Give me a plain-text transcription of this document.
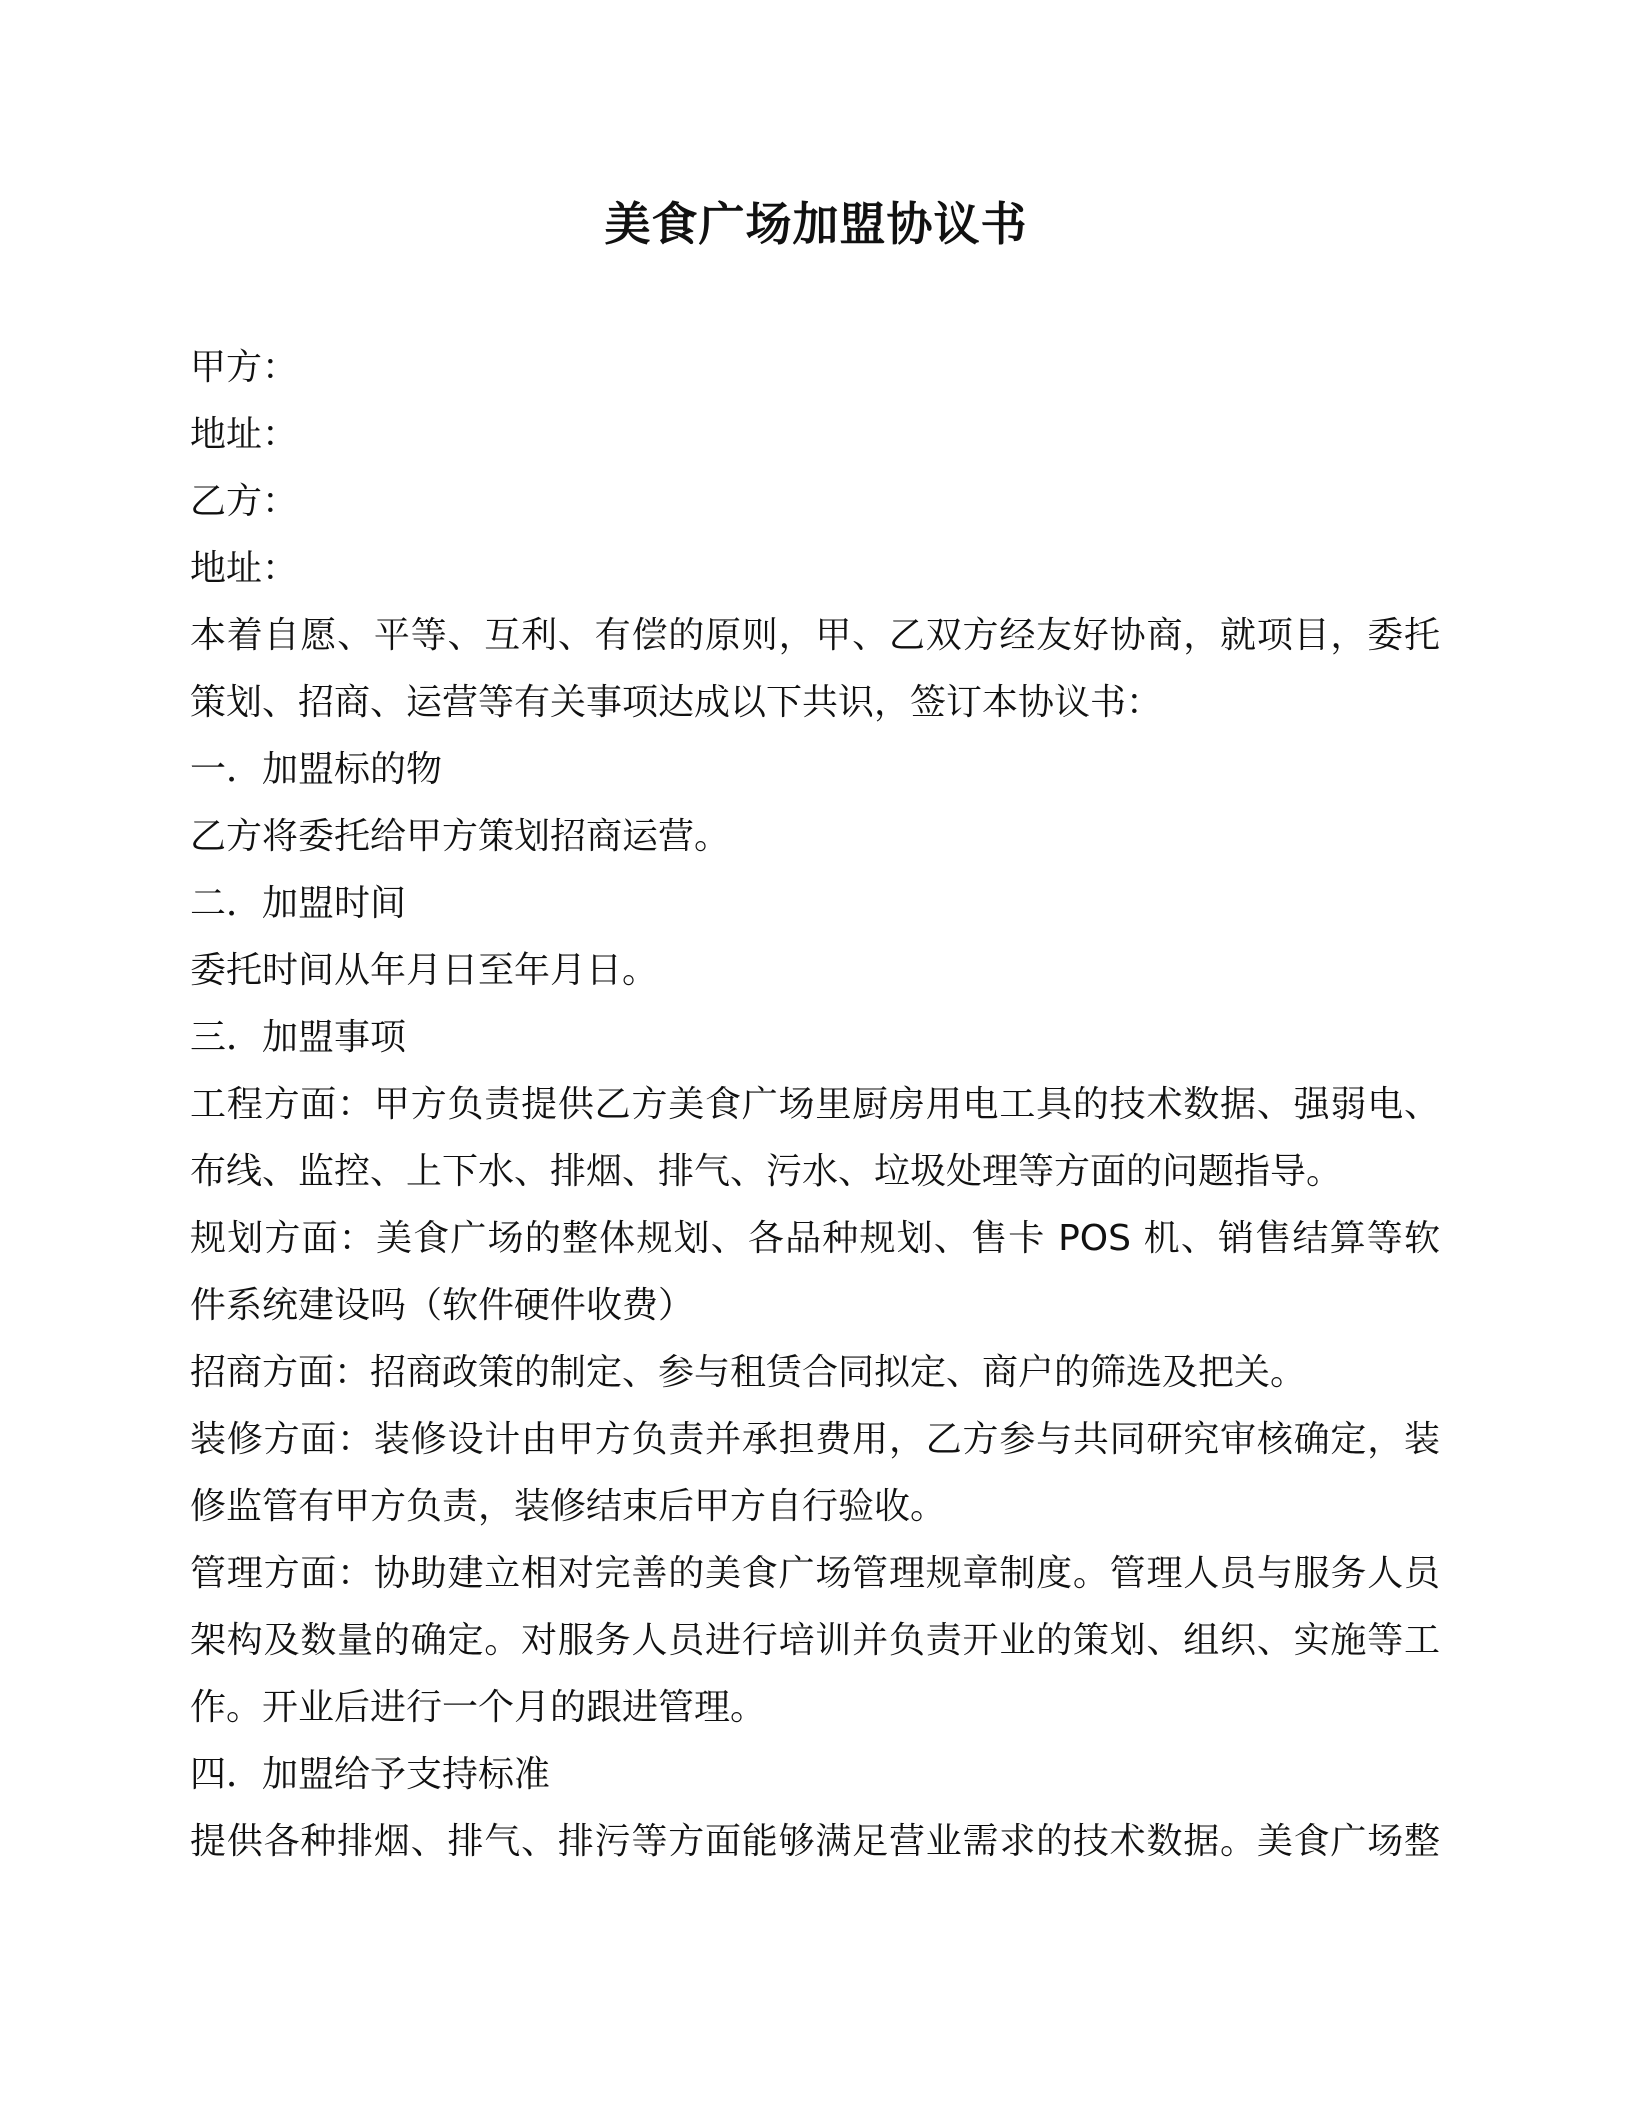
美食广场加盟协议书
甲方：
地址：
乙方：
地址：
本着自愿、平等、互利、有偿的原则，甲、乙双方经友好协商，就项目，委托
策划、招商、运营等有关事项达成以下共识，签订本协议书：
一．加盟标的物
乙方将委托给甲方策划招商运营。
二．加盟时间
委托时间从年月日至年月日。
三．加盟事项
工程方面：甲方负责提供乙方美食广场里厨房用电工具的技术数据、强弱电、
布线、监控、上下水、排烟、排气、污水、垃圾处理等方面的问题指导。
规划方面：美食广场的整体规划、各品种规划、售卡 POS 机、销售结算等软
件系统建设吗（软件硬件收费）
招商方面：招商政策的制定、参与租赁合同拟定、商户的筛选及把关。
装修方面：装修设计由甲方负责并承担费用，乙方参与共同研究审核确定，装
修监管有甲方负责，装修结束后甲方自行验收。
管理方面：协助建立相对完善的美食广场管理规章制度。管理人员与服务人员
架构及数量的确定。对服务人员进行培训并负责开业的策划、组织、实施等工
作。开业后进行一个月的跟进管理。
四．加盟给予支持标准
提供各种排烟、排气、排污等方面能够满足营业需求的技术数据。美食广场整
